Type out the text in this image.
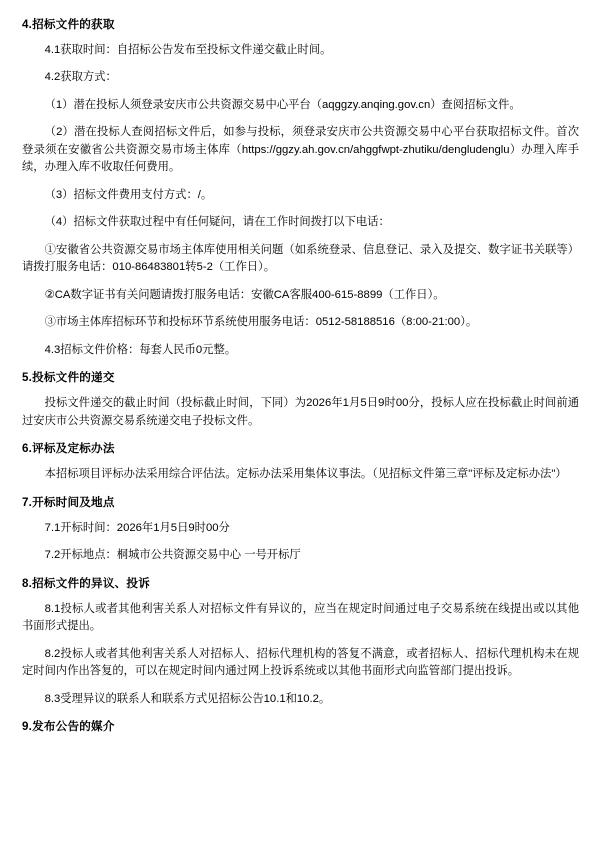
4.招标文件的获取

4.1获取时间：自招标公告发布至投标文件递交截止时间。

4.2获取方式：

（1）潜在投标人须登录安庆市公共资源交易中心平台（aqggzy.anqing.gov.cn）查阅招标文件。

（2）潜在投标人查阅招标文件后，如参与投标，须登录安庆市公共资源交易中心平台获取招标文件。首次登录须在安徽省公共资源交易市场主体库（https://ggzy.ah.gov.cn/ahggfwpt-zhutiku/dengludenglu）办理入库手续，办理入库不收取任何费用。

（3）招标文件费用支付方式：/。

（4）招标文件获取过程中有任何疑问，请在工作时间拨打以下电话：

①安徽省公共资源交易市场主体库使用相关问题（如系统登录、信息登记、录入及提交、数字证书关联等）请拨打服务电话：010-86483801转5-2（工作日）。

②CA数字证书有关问题请拨打服务电话：安徽CA客服400-615-8899（工作日）。

③市场主体库招标环节和投标环节系统使用服务电话：0512-58188516（8:00-21:00）。

4.3招标文件价格：每套人民币0元整。

5.投标文件的递交

投标文件递交的截止时间（投标截止时间，下同）为2026年1月5日9时00分，投标人应在投标截止时间前通过安庆市公共资源交易系统递交电子投标文件。

6.评标及定标办法

本招标项目评标办法采用综合评估法。定标办法采用集体议事法。（见招标文件第三章"评标及定标办法"）

7.开标时间及地点

7.1开标时间：2026年1月5日9时00分

7.2开标地点：桐城市公共资源交易中心 一号开标厅

8.招标文件的异议、投诉

8.1投标人或者其他利害关系人对招标文件有异议的，应当在规定时间通过电子交易系统在线提出或以其他书面形式提出。

8.2投标人或者其他利害关系人对招标人、招标代理机构的答复不满意，或者招标人、招标代理机构未在规定时间内作出答复的，可以在规定时间内通过网上投诉系统或以其他书面形式向监管部门提出投诉。

8.3受理异议的联系人和联系方式见招标公告10.1和10.2。

9.发布公告的媒介
